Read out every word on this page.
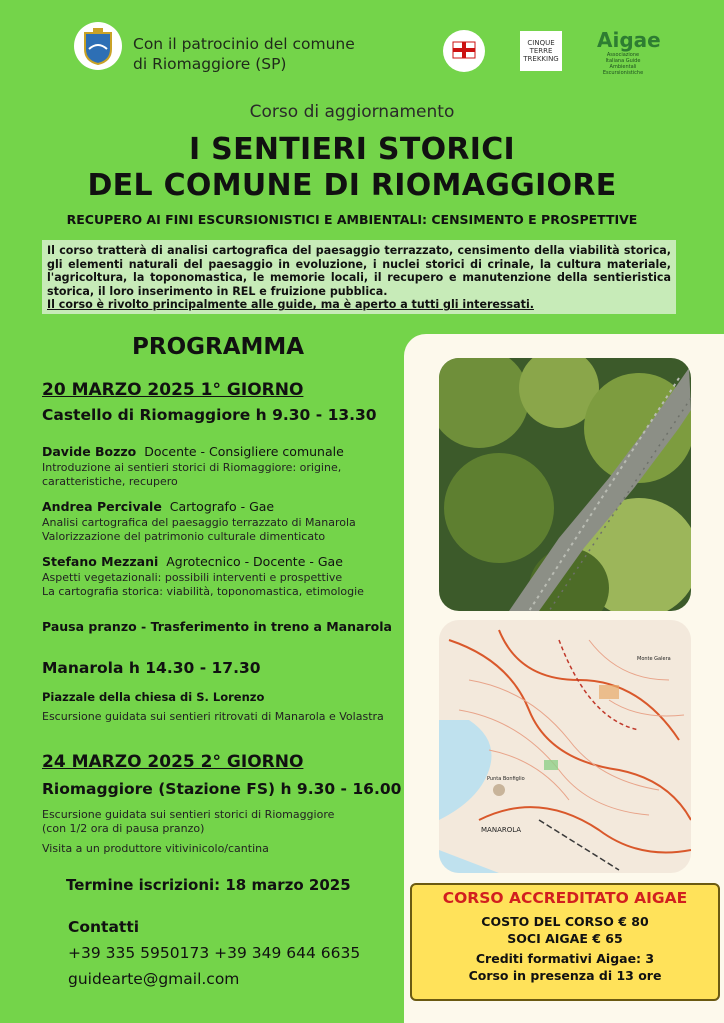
Con il patrocinio del comune
di Riomaggiore (SP)
CINQUE TERRE TREKKING
Aigae
Associazione Italiana Guide Ambientali Escursionistiche
Corso di aggiornamento
I SENTIERI STORICI
DEL COMUNE DI RIOMAGGIORE
RECUPERO AI FINI ESCURSIONISTICI E AMBIENTALI: CENSIMENTO E PROSPETTIVE
Il corso tratterà di analisi cartografica del paesaggio terrazzato, censimento della viabilità storica, gli elementi naturali del paesaggio in evoluzione, i nuclei storici di crinale, la cultura materiale, l'agricoltura, la toponomastica, le memorie locali, il recupero e manutenzione della sentieristica storica, il loro inserimento in REL e fruizione pubblica.
Il corso è rivolto principalmente alle guide, ma è aperto a tutti gli interessati.
MANAROLA
Punta Bonfiglio
Monte Galera
PROGRAMMA
20 MARZO 2025 1° GIORNO
Castello di Riomaggiore h 9.30 - 13.30
Davide Bozzo Docente - Consigliere comunale
Introduzione ai sentieri storici di Riomaggiore: origine,
caratteristiche, recupero
Andrea Percivale Cartografo - Gae
Analisi cartografica del paesaggio terrazzato di Manarola
Valorizzazione del patrimonio culturale dimenticato
Stefano Mezzani Agrotecnico - Docente - Gae
Aspetti vegetazionali: possibili interventi e prospettive
La cartografia storica: viabilità, toponomastica, etimologie
Pausa pranzo - Trasferimento in treno a Manarola
Manarola h 14.30 - 17.30
Piazzale della chiesa di S. Lorenzo
Escursione guidata sui sentieri ritrovati di Manarola e Volastra
24 MARZO 2025 2° GIORNO
Riomaggiore (Stazione FS) h 9.30 - 16.00
Escursione guidata sui sentieri storici di Riomaggiore
(con 1/2 ora di pausa pranzo)
Visita a un produttore vitivinicolo/cantina
Termine iscrizioni: 18 marzo 2025
Contatti
+39 335 5950173 +39 349 644 6635
guidearte@gmail.com
CORSO ACCREDITATO AIGAE
COSTO DEL CORSO € 80
SOCI AIGAE € 65
Crediti formativi Aigae: 3
Corso in presenza di 13 ore
